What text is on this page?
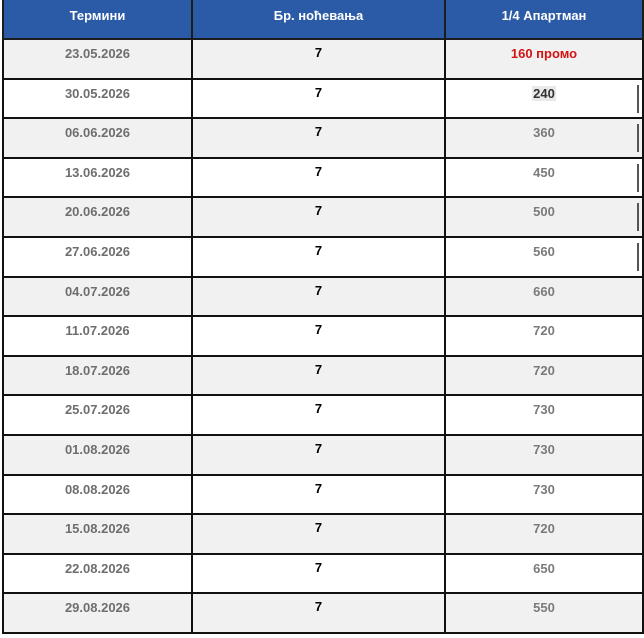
Термини	Бр. ноћевања	1/4 Апартман
23.05.2026	7	160 промо
30.05.2026	7	240

06.06.2026	7	360

13.06.2026	7	450

20.06.2026	7	500

27.06.2026	7	560

04.07.2026	7	660
11.07.2026	7	720
18.07.2026	7	720
25.07.2026	7	730
01.08.2026	7	730
08.08.2026	7	730
15.08.2026	7	720
22.08.2026	7	650
29.08.2026	7	550
